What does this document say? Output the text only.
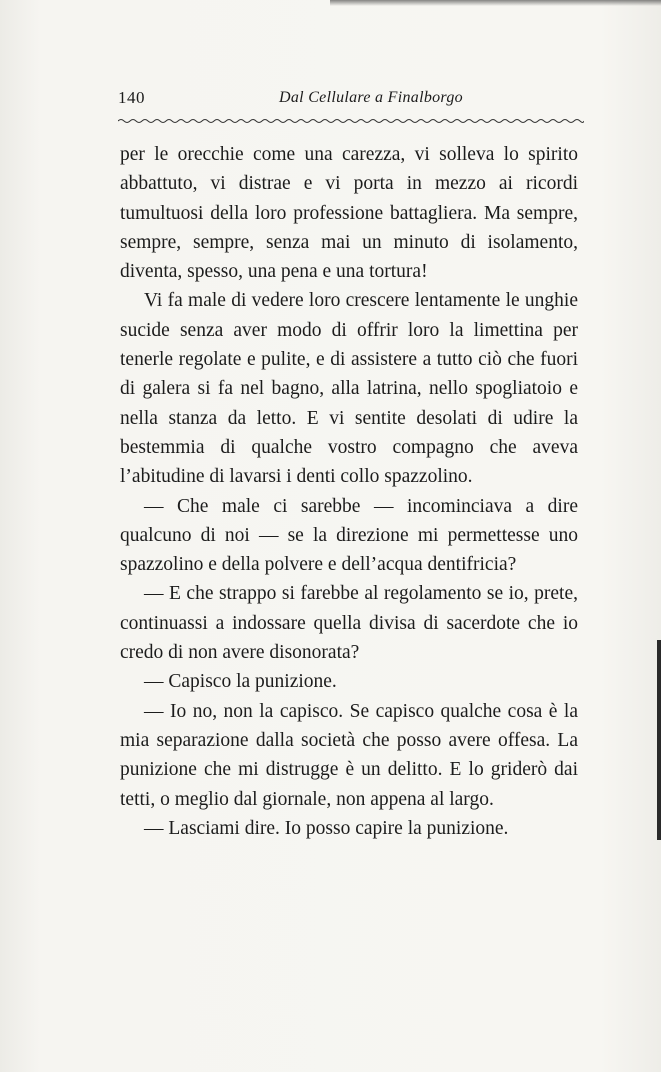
140	Dal Cellulare a Finalborgo

per le orecchie come una carezza, vi solleva lo spirito abbattuto, vi distrae e vi porta in mezzo ai ricordi tumultuosi della loro professione battagliera. Ma sempre, sempre, sempre, senza mai un minuto di isolamento, diventa, spesso, una pena e una tortura!

Vi fa male di vedere loro crescere lentamente le unghie sucide senza aver modo di offrir loro la limettina per tenerle regolate e pulite, e di assistere a tutto ciò che fuori di galera si fa nel bagno, alla latrina, nello spogliatoio e nella stanza da letto. E vi sentite desolati di udire la bestemmia di qualche vostro compagno che aveva l’abitudine di lavarsi i denti collo spazzolino.

— Che male ci sarebbe — incominciava a dire qualcuno di noi — se la direzione mi permettesse uno spazzolino e della polvere e dell’acqua dentifricia?

— E che strappo si farebbe al regolamento se io, prete, continuassi a indossare quella divisa di sacerdote che io credo di non avere disonorata?

— Capisco la punizione.

— Io no, non la capisco. Se capisco qualche cosa è la mia separazione dalla società che posso avere offesa. La punizione che mi distrugge è un delitto. E lo griderò dai tetti, o meglio dal giornale, non appena al largo.

— Lasciami dire. Io posso capire la punizione.
